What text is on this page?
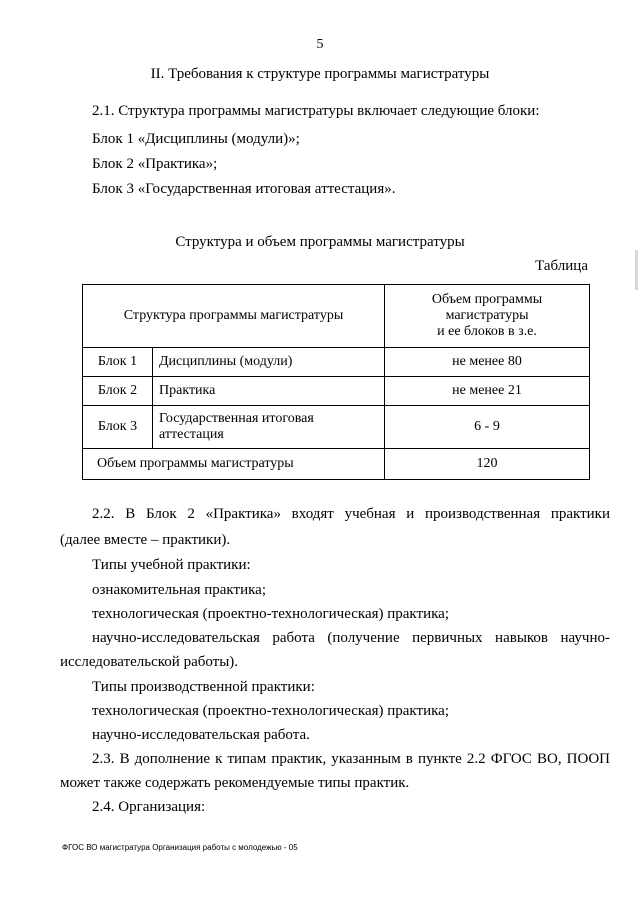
5
II. Требования к структуре программы магистратуры
2.1. Структура программы магистратуры включает следующие блоки:
Блок 1 «Дисциплины (модули)»;
Блок 2 «Практика»;
Блок 3 «Государственная итоговая аттестация».
Структура и объем программы магистратуры
Таблица
Структура программы магистратуры		Объем программы
магистратуры
и ее блоков в з.е.

Блок 1	Дисциплины (модули)	не менее 80
Блок 2	Практика	не менее 21
Блок 3	Государственная итоговая
аттестация	6 - 9
Объем программы магистратуры		120
2.2. В Блок 2 «Практика» входят учебная и производственная практики
(далее вместе – практики).
Типы учебной практики:
ознакомительная практика;
технологическая (проектно-технологическая) практика;
научно-исследовательская работа (получение первичных навыков научно-
исследовательской работы).
Типы производственной практики:
технологическая (проектно-технологическая) практика;
научно-исследовательская работа.
2.3. В дополнение к типам практик, указанным в пункте 2.2 ФГОС ВО, ПООП
может также содержать рекомендуемые типы практик.
2.4. Организация:
ФГОС ВО магистратура Организация работы с молодежью - 05
